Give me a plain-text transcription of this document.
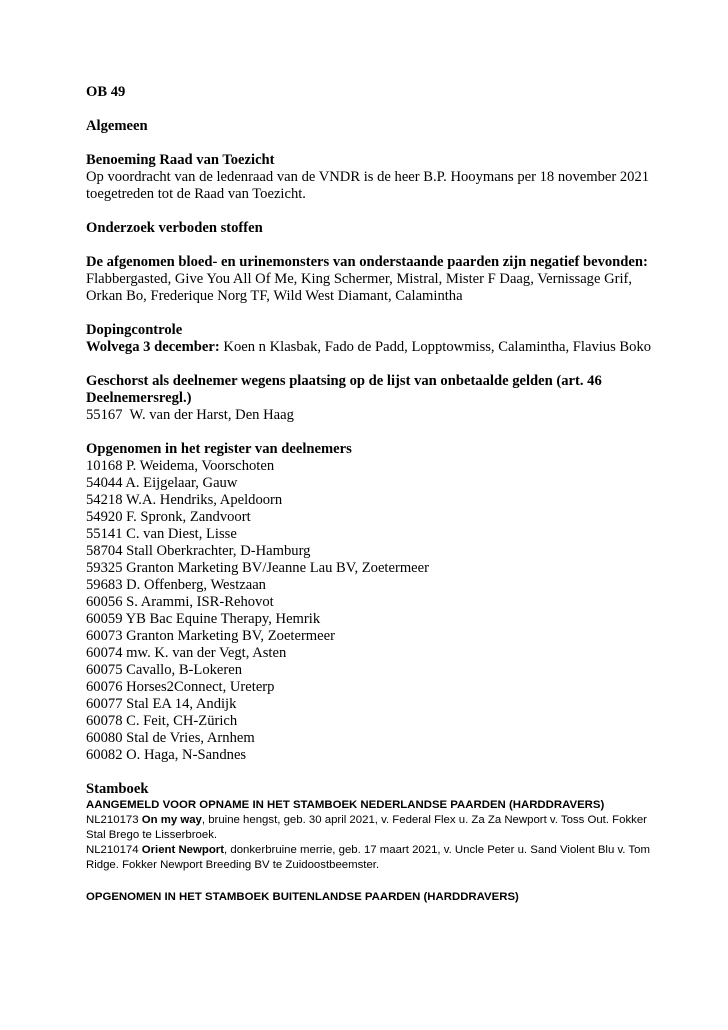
OB 49
Algemeen
Benoeming Raad van Toezicht
Op voordracht van de ledenraad van de VNDR is de heer B.P. Hooymans per 18 november 2021 toegetreden tot de Raad van Toezicht.
Onderzoek verboden stoffen
De afgenomen bloed- en urinemonsters van onderstaande paarden zijn negatief bevonden:
Flabbergasted, Give You All Of Me, King Schermer, Mistral, Mister F Daag, Vernissage Grif, Orkan Bo, Frederique Norg TF, Wild West Diamant, Calamintha
Dopingcontrole
Wolvega 3 december: Koen n Klasbak, Fado de Padd, Lopptowmiss, Calamintha, Flavius Boko
Geschorst als deelnemer wegens plaatsing op de lijst van onbetaalde gelden (art. 46 Deelnemersregl.)
55167  W. van der Harst, Den Haag
Opgenomen in het register van deelnemers
10168 P. Weidema, Voorschoten
54044 A. Eijgelaar, Gauw
54218 W.A. Hendriks, Apeldoorn
54920 F. Spronk, Zandvoort
55141 C. van Diest, Lisse
58704 Stall Oberkrachter, D-Hamburg
59325 Granton Marketing BV/Jeanne Lau BV, Zoetermeer
59683 D. Offenberg, Westzaan
60056 S. Arammi, ISR-Rehovot
60059 YB Bac Equine Therapy, Hemrik
60073 Granton Marketing BV, Zoetermeer
60074 mw. K. van der Vegt, Asten
60075 Cavallo, B-Lokeren
60076 Horses2Connect, Ureterp
60077 Stal EA 14, Andijk
60078 C. Feit, CH-Zürich
60080 Stal de Vries, Arnhem
60082 O. Haga, N-Sandnes
Stamboek
AANGEMELD VOOR OPNAME IN HET STAMBOEK NEDERLANDSE PAARDEN (HARDDRAVERS)
NL210173 On my way, bruine hengst, geb. 30 april 2021, v. Federal Flex u. Za Za Newport v. Toss Out. Fokker Stal Brego te Lisserbroek.
NL210174 Orient Newport, donkerbruine merrie, geb. 17 maart 2021, v. Uncle Peter u. Sand Violent Blu v. Tom Ridge. Fokker Newport Breeding BV te Zuidoostbeemster.
OPGENOMEN IN HET STAMBOEK BUITENLANDSE PAARDEN (HARDDRAVERS)
